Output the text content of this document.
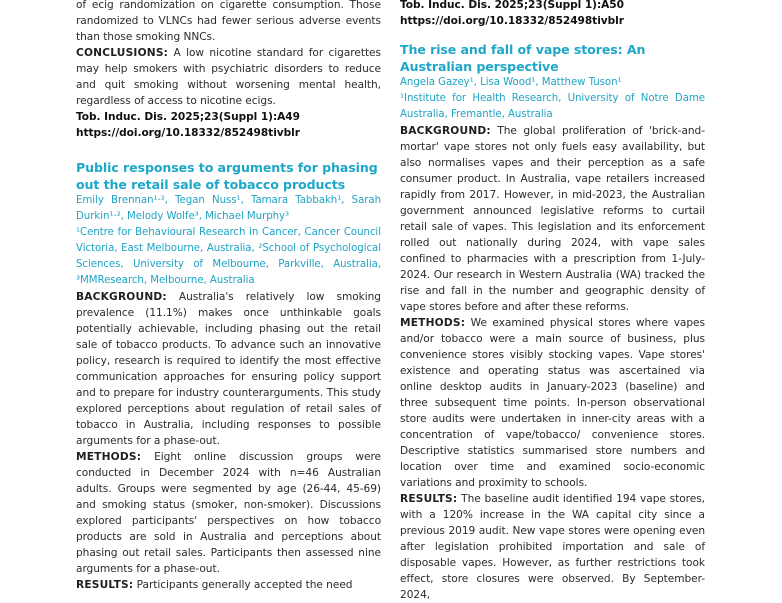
of ecig randomization on cigarette consumption. Those randomized to VLNCs had fewer serious adverse events than those smoking NNCs.

CONCLUSIONS: A low nicotine standard for cigarettes may help smokers with psychiatric disorders to reduce and quit smoking without worsening mental health, regardless of access to nicotine ecigs.

Tob. Induc. Dis. 2025;23(Suppl 1):A49
https://doi.org/10.18332/852498tivblr
Public responses to arguments for phasing out the retail sale of tobacco products
Emily Brennan¹·², Tegan Nuss¹, Tamara Tabbakh¹, Sarah Durkin¹·², Melody Wolfe³, Michael Murphy³
¹Centre for Behavioural Research in Cancer, Cancer Council Victoria, East Melbourne, Australia, ²School of Psychological Sciences, University of Melbourne, Parkville, Australia, ³MMResearch, Melbourne, Australia

BACKGROUND: Australia's relatively low smoking prevalence (11.1%) makes once unthinkable goals potentially achievable, including phasing out the retail sale of tobacco products. To advance such an innovative policy, research is required to identify the most effective communication approaches for ensuring policy support and to prepare for industry counterarguments. This study explored perceptions about regulation of retail sales of tobacco in Australia, including responses to possible arguments for a phase-out.

METHODS: Eight online discussion groups were conducted in December 2024 with n=46 Australian adults. Groups were segmented by age (26-44, 45-69) and smoking status (smoker, non-smoker). Discussions explored participants' perspectives on how tobacco products are sold in Australia and perceptions about phasing out retail sales. Participants then assessed nine arguments for a phase-out.

RESULTS: Participants generally accepted the need

Tob. Induc. Dis. 2025;23(Suppl 1):A50
https://doi.org/10.18332/852498tivblr
The rise and fall of vape stores: An Australian perspective
Angela Gazey¹, Lisa Wood¹, Matthew Tuson¹
¹Institute for Health Research, University of Notre Dame Australia, Fremantle, Australia

BACKGROUND: The global proliferation of 'brick-and-mortar' vape stores not only fuels easy availability, but also normalises vapes and their perception as a safe consumer product. In Australia, vape retailers increased rapidly from 2017. However, in mid-2023, the Australian government announced legislative reforms to curtail retail sale of vapes. This legislation and its enforcement rolled out nationally during 2024, with vape sales confined to pharmacies with a prescription from 1-July-2024. Our research in Western Australia (WA) tracked the rise and fall in the number and geographic density of vape stores before and after these reforms.

METHODS: We examined physical stores where vapes and/or tobacco were a main source of business, plus convenience stores visibly stocking vapes. Vape stores' existence and operating status was ascertained via online desktop audits in January-2023 (baseline) and three subsequent time points. In-person observational store audits were undertaken in inner-city areas with a concentration of vape/tobacco/ convenience stores. Descriptive statistics summarised store numbers and location over time and examined socio-economic variations and proximity to schools.

RESULTS: The baseline audit identified 194 vape stores, with a 120% increase in the WA capital city since a previous 2019 audit. New vape stores were opening even after legislation prohibited importation and sale of disposable vapes. However, as further restrictions took effect, store closures were observed. By September-2024,
